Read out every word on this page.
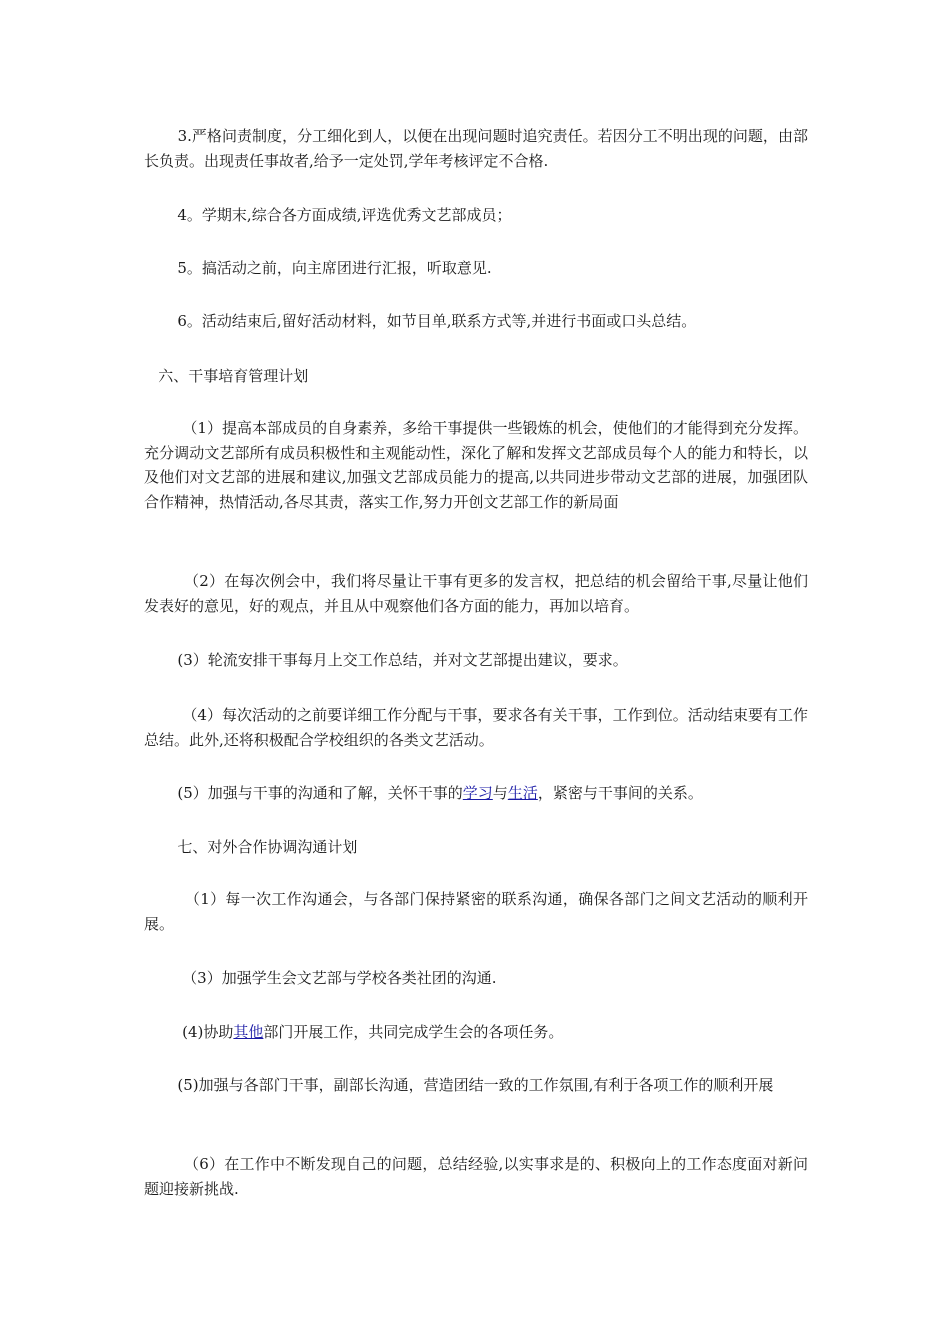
3.严格问责制度，分工细化到人，以便在出现问题时追究责任。若因分工不明出现的问题，由部长负责。出现责任事故者,给予一定处罚,学年考核评定不合格.

4。学期末,综合各方面成绩,评选优秀文艺部成员；

5。搞活动之前，向主席团进行汇报，听取意见.

6。活动结束后,留好活动材料，如节目单,联系方式等,并进行书面或口头总结。

六、干事培育管理计划

（1）提高本部成员的自身素养，多给干事提供一些锻炼的机会，使他们的才能得到充分发挥。充分调动文艺部所有成员积极性和主观能动性，深化了解和发挥文艺部成员每个人的能力和特长，以及他们对文艺部的进展和建议,加强文艺部成员能力的提高,以共同进步带动文艺部的进展，加强团队合作精神，热情活动,各尽其责，落实工作,努力开创文艺部工作的新局面

（2）在每次例会中，我们将尽量让干事有更多的发言权，把总结的机会留给干事,尽量让他们发表好的意见，好的观点，并且从中观察他们各方面的能力，再加以培育。

(3）轮流安排干事每月上交工作总结，并对文艺部提出建议，要求。

（4）每次活动的之前要详细工作分配与干事，要求各有关干事，工作到位。活动结束要有工作总结。此外,还将积极配合学校组织的各类文艺活动。

(5）加强与干事的沟通和了解，关怀干事的学习与生活，紧密与干事间的关系。

七、对外合作协调沟通计划

（1）每一次工作沟通会，与各部门保持紧密的联系沟通，确保各部门之间文艺活动的顺利开展。

（3）加强学生会文艺部与学校各类社团的沟通.

(4)协助其他部门开展工作，共同完成学生会的各项任务。

(5)加强与各部门干事，副部长沟通，营造团结一致的工作氛围,有利于各项工作的顺利开展

（6）在工作中不断发现自己的问题，总结经验,以实事求是的、积极向上的工作态度面对新问题迎接新挑战.
